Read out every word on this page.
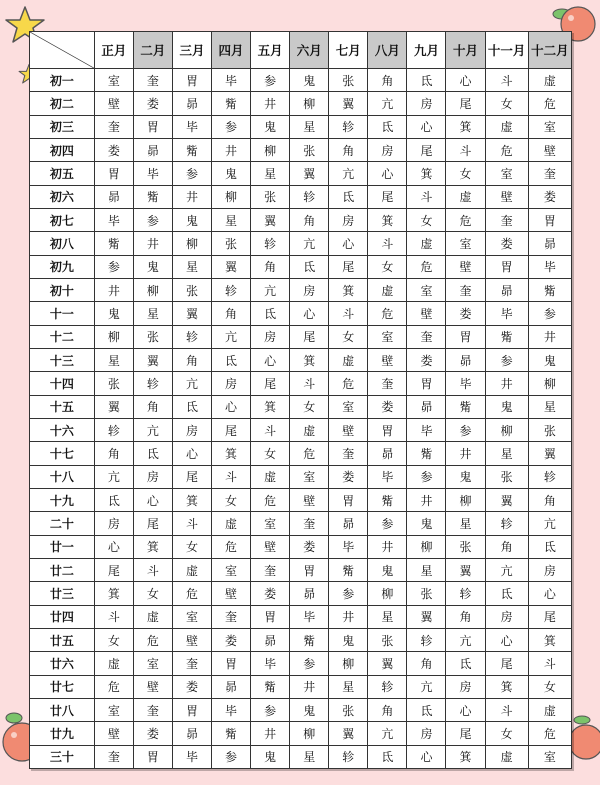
	正月	二月	三月	四月	五月	六月	七月	八月	九月	十月	十一月	十二月
初一	室	奎	胃	毕	参	鬼	张	角	氐	心	斗	虚
初二	壁	娄	昴	觜	井	柳	翼	亢	房	尾	女	危
初三	奎	胃	毕	参	鬼	星	轸	氐	心	箕	虚	室
初四	娄	昴	觜	井	柳	张	角	房	尾	斗	危	壁
初五	胃	毕	参	鬼	星	翼	亢	心	箕	女	室	奎
初六	昴	觜	井	柳	张	轸	氐	尾	斗	虚	壁	娄
初七	毕	参	鬼	星	翼	角	房	箕	女	危	奎	胃
初八	觜	井	柳	张	轸	亢	心	斗	虚	室	娄	昴
初九	参	鬼	星	翼	角	氐	尾	女	危	壁	胃	毕
初十	井	柳	张	轸	亢	房	箕	虚	室	奎	昴	觜
十一	鬼	星	翼	角	氐	心	斗	危	壁	娄	毕	参
十二	柳	张	轸	亢	房	尾	女	室	奎	胃	觜	井
十三	星	翼	角	氐	心	箕	虚	壁	娄	昴	参	鬼
十四	张	轸	亢	房	尾	斗	危	奎	胃	毕	井	柳
十五	翼	角	氐	心	箕	女	室	娄	昴	觜	鬼	星
十六	轸	亢	房	尾	斗	虚	壁	胃	毕	参	柳	张
十七	角	氐	心	箕	女	危	奎	昴	觜	井	星	翼
十八	亢	房	尾	斗	虚	室	娄	毕	参	鬼	张	轸
十九	氐	心	箕	女	危	壁	胃	觜	井	柳	翼	角
二十	房	尾	斗	虚	室	奎	昴	参	鬼	星	轸	亢
廿一	心	箕	女	危	壁	娄	毕	井	柳	张	角	氐
廿二	尾	斗	虚	室	奎	胃	觜	鬼	星	翼	亢	房
廿三	箕	女	危	壁	娄	昴	参	柳	张	轸	氐	心
廿四	斗	虚	室	奎	胃	毕	井	星	翼	角	房	尾
廿五	女	危	壁	娄	昴	觜	鬼	张	轸	亢	心	箕
廿六	虚	室	奎	胃	毕	参	柳	翼	角	氐	尾	斗
廿七	危	壁	娄	昴	觜	井	星	轸	亢	房	箕	女
廿八	室	奎	胃	毕	参	鬼	张	角	氐	心	斗	虚
廿九	壁	娄	昴	觜	井	柳	翼	亢	房	尾	女	危
三十	奎	胃	毕	参	鬼	星	轸	氐	心	箕	虚	室
